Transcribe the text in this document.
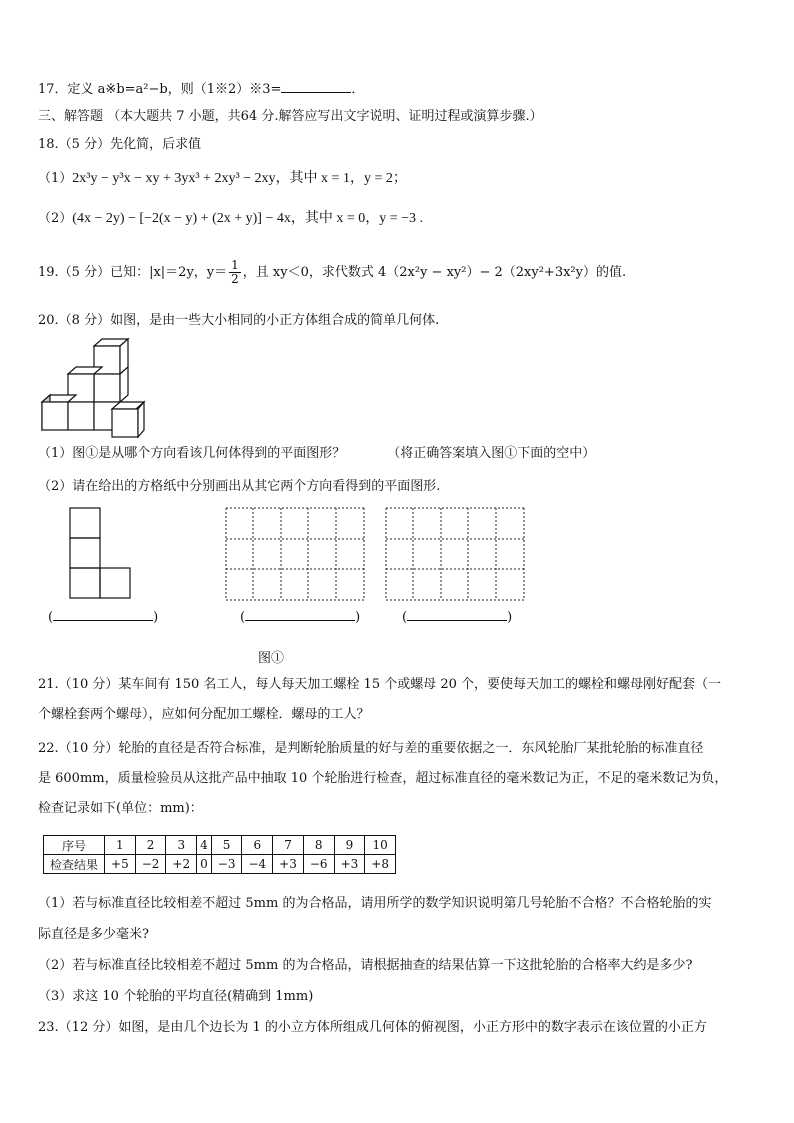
17．定义 a※b=a²−b，则（1※2）※3=	．
三、解答题 （本大题共 7 小题，共64 分.解答应写出文字说明、证明过程或演算步骤.）
18.（5 分）先化简，后求值
（1）2x³y − y³x − xy + 3yx³ + 2xy³ − 2xy，其中 x = 1，y = 2；
（2）(4x − 2y) − [−2(x − y) + (2x + y)] − 4x，其中 x = 0，y = −3 .
19.（5 分）已知：|x|＝2y，$y= \frac{1}{2}$ ，且 xy＜0，求代数式 4（2x²y − xy²）− 2（2xy²+3x²y）的值.
20.（8 分）如图，是由一些大小相同的小正方体组合成的简单几何体.
（1）图①是从哪个方向看该几何体得到的平面图形？	（将正确答案填入图①下面的空中）
（2）请在给出的方格纸中分别画出从其它两个方向看得到的平面图形.
(	)	(	)	(	)
图①
21.（10 分）某车间有 150 名工人，每人每天加工螺栓 15 个或螺母 20 个，要使每天加工的螺栓和螺母刚好配套（一
个螺栓套两个螺母），应如何分配加工螺栓．螺母的工人？
22.（10 分）轮胎的直径是否符合标准，是判断轮胎质量的好与差的重要依据之一．东风轮胎厂某批轮胎的标准直径
是 600mm，质量检验员从这批产品中抽取 10 个轮胎进行检查，超过标准直径的毫米数记为正，不足的毫米数记为负，
检查记录如下(单位：mm)：
序号	1	2	3	4	5	6	7	8	9	10
检查结果	+5	−2	+2	0	−3	−4	+3	−6	+3	+8
（1）若与标准直径比较相差不超过 5mm 的为合格品，请用所学的数学知识说明第几号轮胎不合格？不合格轮胎的实
际直径是多少毫米?
（2）若与标准直径比较相差不超过 5mm 的为合格品，请根据抽查的结果估算一下这批轮胎的合格率大约是多少?
（3）求这 10 个轮胎的平均直径(精确到 1mm)
23.（12 分）如图，是由几个边长为 1 的小立方体所组成几何体的俯视图，小正方形中的数字表示在该位置的小正方
